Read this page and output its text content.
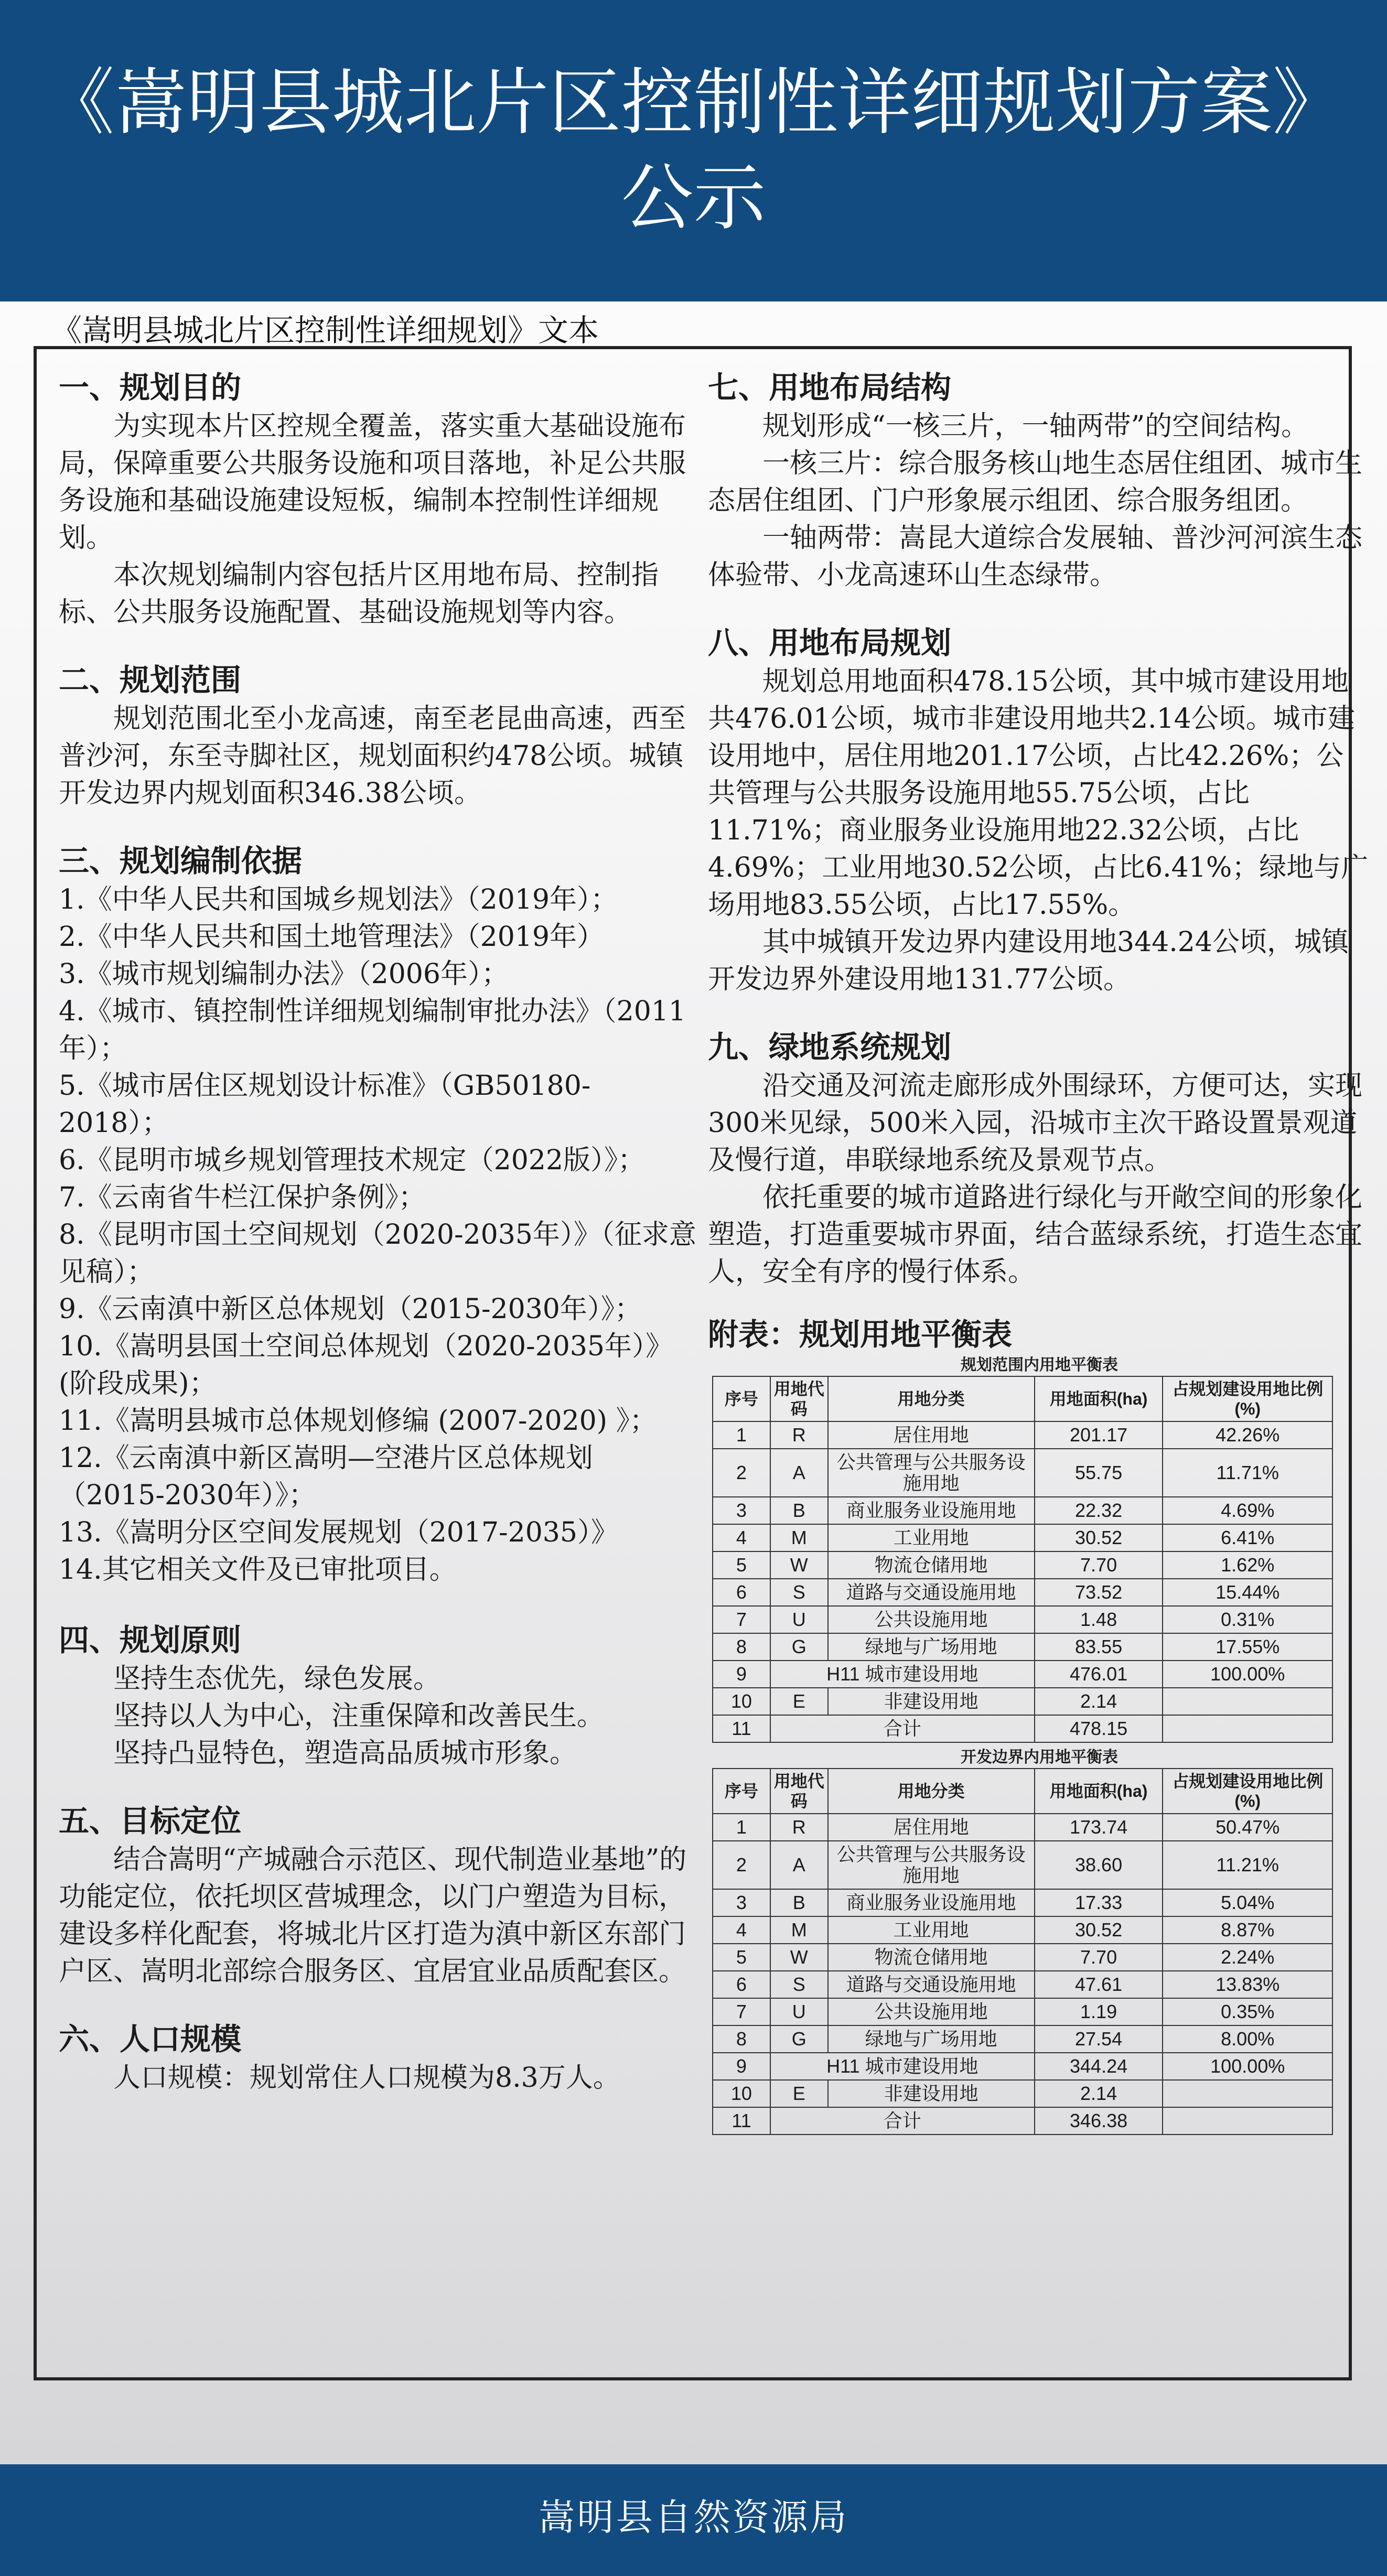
《嵩明县城北片区控制性详细规划方案》
公示
《嵩明县城北片区控制性详细规划》文本

一、规划目的

为实现本片区控规全覆盖，落实重大基础设施布局，保障重要公共服务设施和项目落地，补足公共服务设施和基础设施建设短板，编制本控制性详细规划。

本次规划编制内容包括片区用地布局、控制指标、公共服务设施配置、基础设施规划等内容。

二、规划范围

规划范围北至小龙高速，南至老昆曲高速，西至普沙河，东至寺脚社区，规划面积约478公顷。城镇开发边界内规划面积346.38公顷。

三、规划编制依据

1.《中华人民共和国城乡规划法》（2019年）；

2.《中华人民共和国土地管理法》（2019年）

3.《城市规划编制办法》（2006年）；

4.《城市、镇控制性详细规划编制审批办法》（2011年）；

5.《城市居住区规划设计标准》（GB50180-2018）；

6.《昆明市城乡规划管理技术规定（2022版）》；

7.《云南省牛栏江保护条例》；

8.《昆明市国土空间规划（2020-2035年）》（征求意见稿）；

9.《云南滇中新区总体规划（2015-2030年）》；

10.《嵩明县国土空间总体规划（2020-2035年）》(阶段成果)；

11.《嵩明县城市总体规划修编 (2007-2020) 》；

12.《云南滇中新区嵩明—空港片区总体规划（2015-2030年）》；

13.《嵩明分区空间发展规划（2017-2035）》

14.其它相关文件及已审批项目。

四、规划原则

坚持生态优先，绿色发展。

坚持以人为中心，注重保障和改善民生。

坚持凸显特色，塑造高品质城市形象。

五、目标定位

结合嵩明“产城融合示范区、现代制造业基地”的功能定位，依托坝区营城理念，以门户塑造为目标，建设多样化配套，将城北片区打造为滇中新区东部门户区、嵩明北部综合服务区、宜居宜业品质配套区。

六、人口规模

人口规模：规划常住人口规模为8.3万人。

七、用地布局结构

规划形成“一核三片，一轴两带”的空间结构。

一核三片：综合服务核山地生态居住组团、城市生态居住组团、门户形象展示组团、综合服务组团。

一轴两带：嵩昆大道综合发展轴、普沙河河滨生态体验带、小龙高速环山生态绿带。

八、用地布局规划

规划总用地面积478.15公顷，其中城市建设用地共476.01公顷，城市非建设用地共2.14公顷。城市建设用地中，居住用地201.17公顷，占比42.26%；公共管理与公共服务设施用地55.75公顷，占比11.71%；商业服务业设施用地22.32公顷，占比4.69%；工业用地30.52公顷，占比6.41%；绿地与广场用地83.55公顷，占比17.55%。

其中城镇开发边界内建设用地344.24公顷，城镇开发边界外建设用地131.77公顷。

九、绿地系统规划

沿交通及河流走廊形成外围绿环，方便可达，实现300米见绿，500米入园，沿城市主次干路设置景观道及慢行道，串联绿地系统及景观节点。

依托重要的城市道路进行绿化与开敞空间的形象化塑造，打造重要城市界面，结合蓝绿系统，打造生态宜人，安全有序的慢行体系。

附表：规划用地平衡表

规划范围内用地平衡表

序号	用地代码	用地分类	用地面积(ha)	占规划建设用地比例(%)
1	R	居住用地	201.17	42.26%
2	A	公共管理与公共服务设施用地	55.75	11.71%
3	B	商业服务业设施用地	22.32	4.69%
4	M	工业用地	30.52	6.41%
5	W	物流仓储用地	7.70	1.62%
6	S	道路与交通设施用地	73.52	15.44%
7	U	公共设施用地	1.48	0.31%
8	G	绿地与广场用地	83.55	17.55%
9	H11 城市建设用地		476.01	100.00%
10	E	非建设用地	2.14	
11	合计		478.15	

开发边界内用地平衡表

序号	用地代码	用地分类	用地面积(ha)	占规划建设用地比例(%)
1	R	居住用地	173.74	50.47%
2	A	公共管理与公共服务设施用地	38.60	11.21%
3	B	商业服务业设施用地	17.33	5.04%
4	M	工业用地	30.52	8.87%
5	W	物流仓储用地	7.70	2.24%
6	S	道路与交通设施用地	47.61	13.83%
7	U	公共设施用地	1.19	0.35%
8	G	绿地与广场用地	27.54	8.00%
9	H11 城市建设用地		344.24	100.00%
10	E	非建设用地	2.14	
11	合计		346.38	
嵩明县自然资源局
